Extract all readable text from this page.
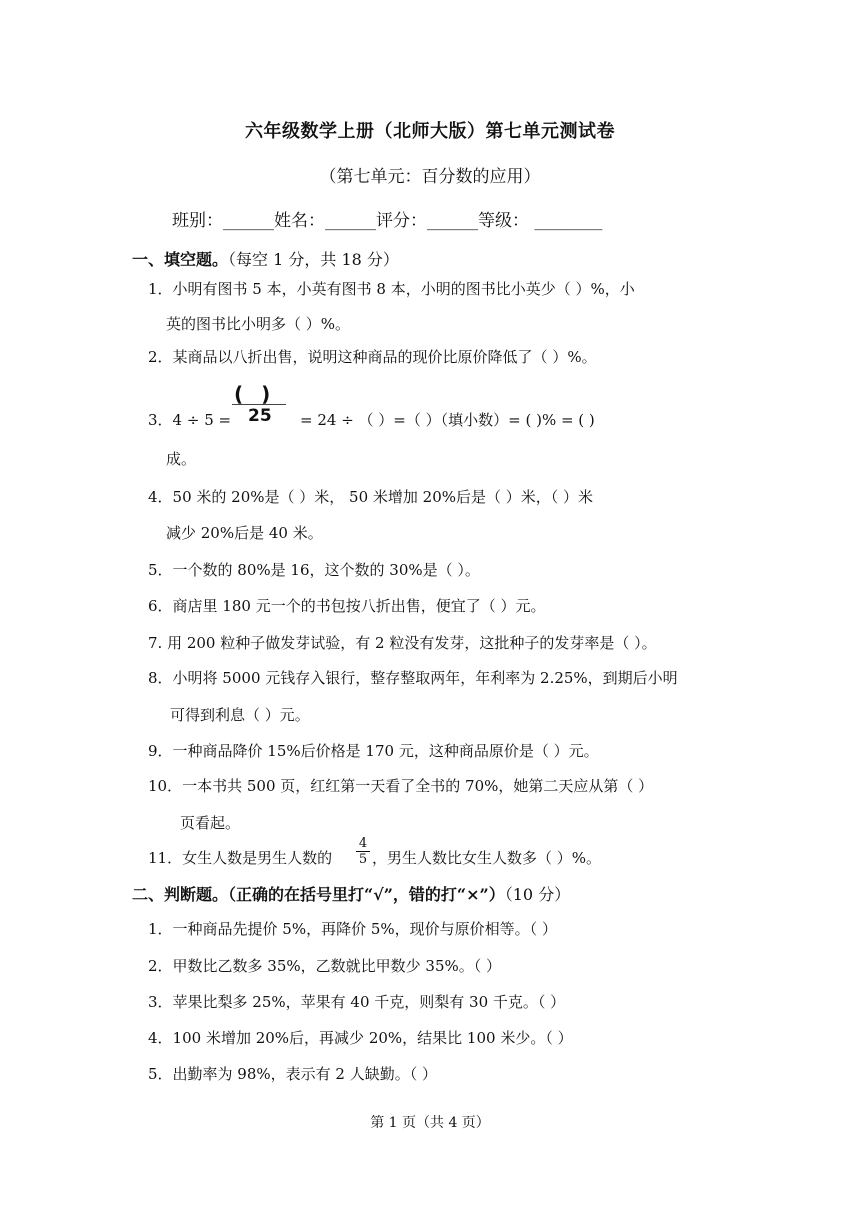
六年级数学上册（北师大版）第七单元测试卷
（第七单元：百分数的应用）
班别：______姓名：______评分：______等级： ________
一、填空题。（每空 1 分，共 18 分）
1．小明有图书 5 本，小英有图书 8 本，小明的图书比小英少（ ）%，小
英的图书比小明多（ ）%。
2．某商品以八折出售，说明这种商品的现价比原价降低了（ ）%。
3．4 ÷ 5 =
()
25 = 24 ÷ （ ）=（ ）（填小数）= ( )% = ( )
成。
4．50 米的 20%是（ ）米， 50 米增加 20%后是（ ）米，（ ）米
减少 20%后是 40 米。
5．一个数的 80%是 16，这个数的 30%是（ ）。
6．商店里 180 元一个的书包按八折出售，便宜了（ ）元。
7. 用 200 粒种子做发芽试验，有 2 粒没有发芽，这批种子的发芽率是（ ）。
8．小明将 5000 元钱存入银行，整存整取两年，年利率为 2.25%，到期后小明
可得到利息（ ）元。
9．一种商品降价 15%后价格是 170 元，这种商品原价是（ ）元。
10．一本书共 500 页，红红第一天看了全书的 70%，她第二天应从第（ ）
页看起。
11．女生人数是男生人数的
4
5 ，男生人数比女生人数多（ ）%。
二、判断题。（正确的在括号里打“√”，错的打“×”）（10 分）
1．一种商品先提价 5%，再降价 5%，现价与原价相等。（ ）
2．甲数比乙数多 35%，乙数就比甲数少 35%。（ ）
3．苹果比梨多 25%，苹果有 40 千克，则梨有 30 千克。（ ）
4．100 米增加 20%后，再减少 20%，结果比 100 米少。（ ）
5．出勤率为 98%，表示有 2 人缺勤。（ ）
第 1 页（共 4 页）
